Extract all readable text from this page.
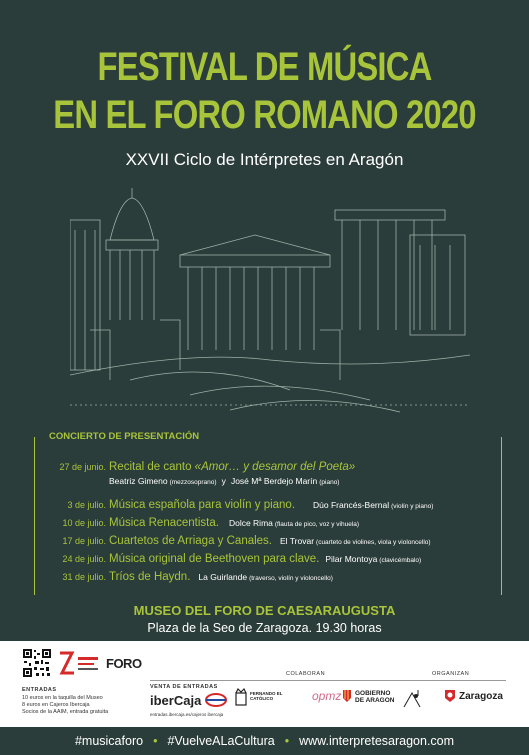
FESTIVAL DE MÚSICA
EN EL FORO ROMANO 2020
XXVII Ciclo de Intérpretes en Aragón
CONCIERTO DE PRESENTACIÓN
27 de junio. Recital de canto «Amor… y desamor del Poeta»
Beatriz Gimeno (mezzosoprano) y José Mª Berdejo Marín (piano)
3 de julio. Música española para violín y piano. Dúo Francés-Bernal (violín y piano)
10 de julio. Música Renacentista. Dolce Rima (flauta de pico, voz y vihuela)
17 de julio. Cuartetos de Arriaga y Canales. El Trovar (cuarteto de violines, viola y violoncello)
24 de julio. Música original de Beethoven para clave. Pilar Montoya (clavicémbalo)
31 de julio. Tríos de Haydn. La Guirlande (traverso, violín y violoncello)
MUSEO DEL FORO DE CAESARAUGUSTA
Plaza de la Seo de Zaragoza. 19.30 horas
FORO
ENTRADAS
10 euros en la taquilla del Museo
8 euros en Cajeros Ibercaja
Socios de la AAIM, entrada gratuita
COLABORAN	ORGANIZAN
VENTA DE ENTRADAS
iberCaja
entradas.ibercaja.es/cajeros ibercaja
FERNANDO EL CATÓLICO	opmz GOBIERNO DE ARAGON	Zaragoza
#musicaforo • #VuelveALaCultura • www.interpretesaragon.com
